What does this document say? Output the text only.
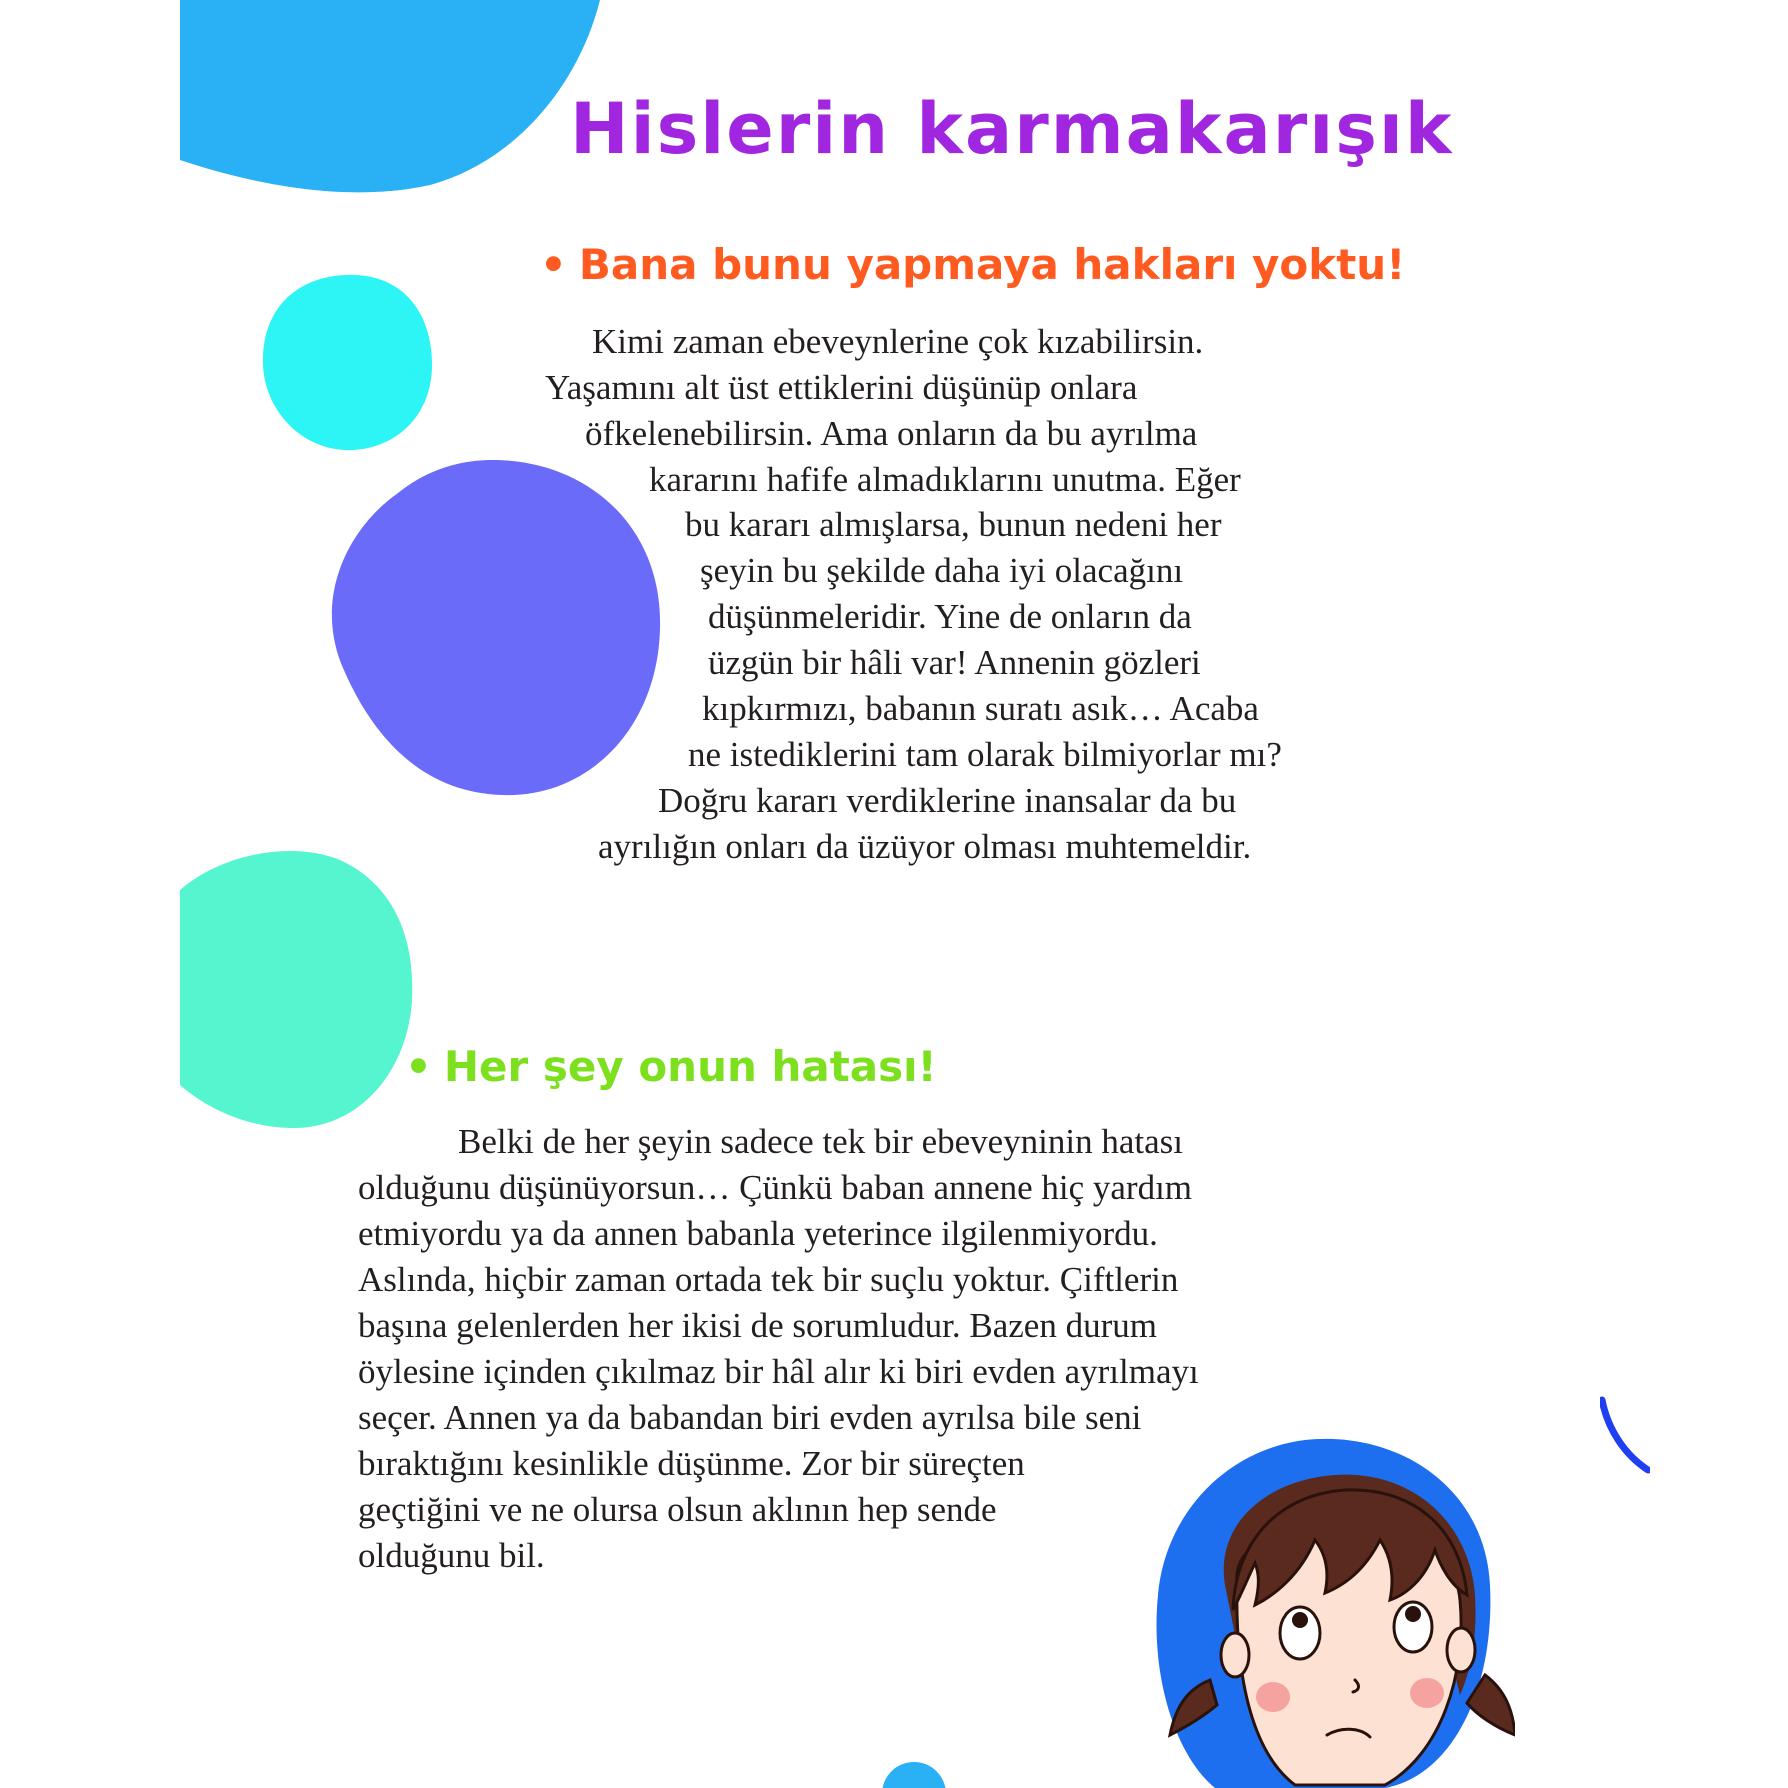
Hislerin karmakarışık
• Bana bunu yapmaya hakları yoktu!
Kimi zaman ebeveynlerine çok kızabilirsin.
Yaşamını alt üst ettiklerini düşünüp onlara
öfkelenebilirsin. Ama onların da bu ayrılma
kararını hafife almadıklarını unutma. Eğer
bu kararı almışlarsa, bunun nedeni her
şeyin bu şekilde daha iyi olacağını
düşünmeleridir. Yine de onların da
üzgün bir hâli var! Annenin gözleri
kıpkırmızı, babanın suratı asık… Acaba
ne istediklerini tam olarak bilmiyorlar mı?
Doğru kararı verdiklerine inansalar da bu
ayrılığın onları da üzüyor olması muhtemeldir.
• Her şey onun hatası!
Belki de her şeyin sadece tek bir ebeveyninin hatası
olduğunu düşünüyorsun… Çünkü baban annene hiç yardım
etmiyordu ya da annen babanla yeterince ilgilenmiyordu.
Aslında, hiçbir zaman ortada tek bir suçlu yoktur. Çiftlerin
başına gelenlerden her ikisi de sorumludur. Bazen durum
öylesine içinden çıkılmaz bir hâl alır ki biri evden ayrılmayı
seçer. Annen ya da babandan biri evden ayrılsa bile seni
bıraktığını kesinlikle düşünme. Zor bir süreçten
geçtiğini ve ne olursa olsun aklının hep sende
olduğunu bil.
